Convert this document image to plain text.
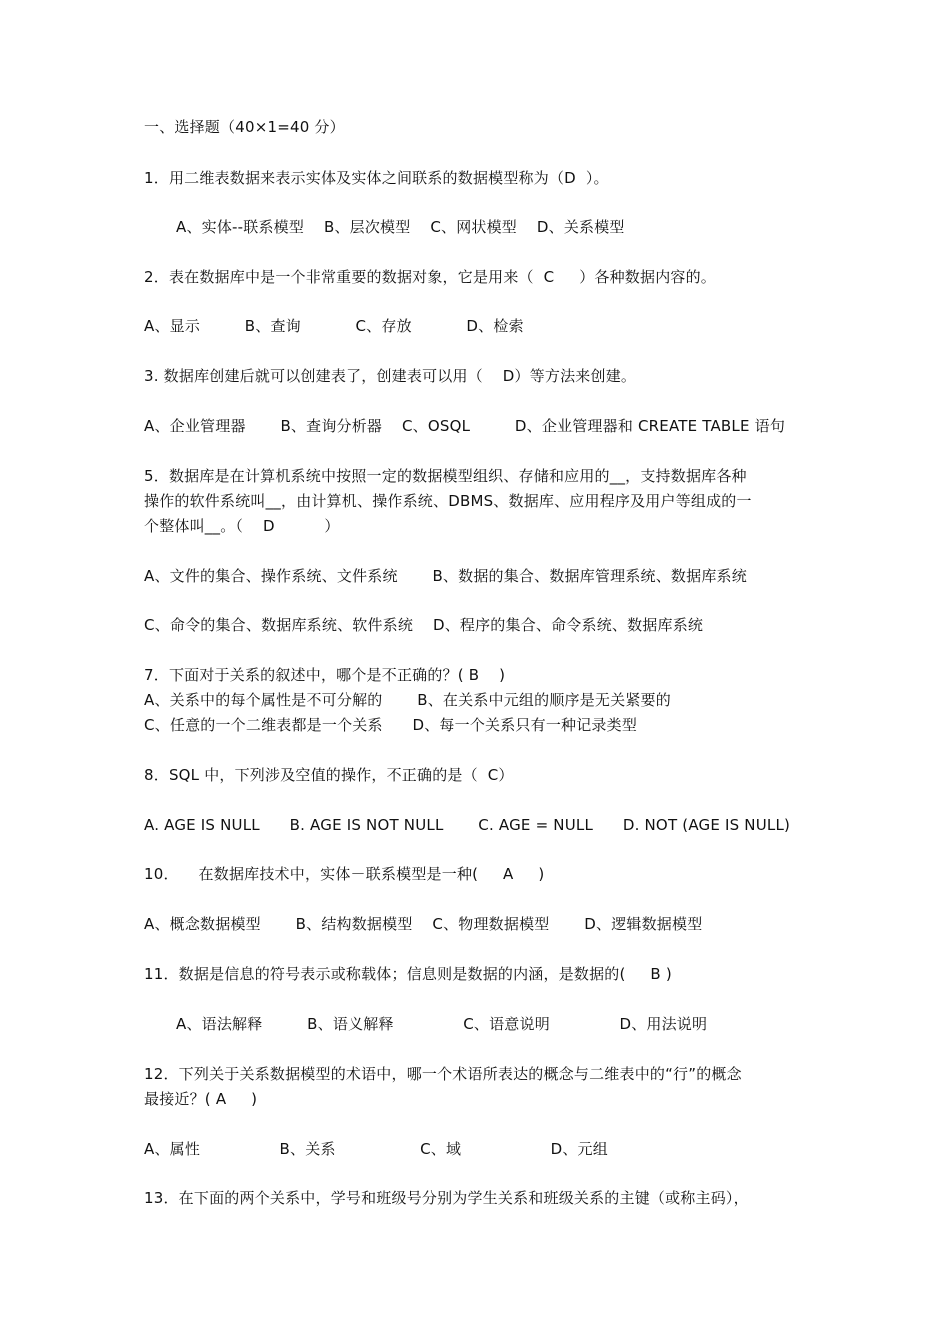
一、选择题（40×1=40 分）
1．用二维表数据来表示实体及实体之间联系的数据模型称为（D  ）。
A、实体--联系模型    B、层次模型    C、网状模型    D、关系模型
2．表在数据库中是一个非常重要的数据对象，它是用来（  C     ）各种数据内容的。
A、显示         B、查询           C、存放           D、检索
3. 数据库创建后就可以创建表了，创建表可以用（    D）等方法来创建。
A、企业管理器       B、查询分析器    C、OSQL         D、企业管理器和 CREATE TABLE 语句
5．数据库是在计算机系统中按照一定的数据模型组织、存储和应用的__，支持数据库各种
操作的软件系统叫__，由计算机、操作系统、DBMS、数据库、应用程序及用户等组成的一
个整体叫__。（    D          ）
A、文件的集合、操作系统、文件系统       B、数据的集合、数据库管理系统、数据库系统
C、命令的集合、数据库系统、软件系统    D、程序的集合、命令系统、数据库系统
7．下面对于关系的叙述中，哪个是不正确的？( B    )
A、关系中的每个属性是不可分解的       B、在关系中元组的顺序是无关紧要的
C、任意的一个二维表都是一个关系      D、每一个关系只有一种记录类型
8．SQL 中，下列涉及空值的操作，不正确的是（  C）
A. AGE IS NULL      B. AGE IS NOT NULL       C. AGE = NULL      D. NOT (AGE IS NULL)
10．    在数据库技术中，实体－联系模型是一种(     A     )
A、概念数据模型       B、结构数据模型    C、物理数据模型       D、逻辑数据模型
11．数据是信息的符号表示或称载体；信息则是数据的内涵，是数据的(     B )
A、语法解释         B、语义解释              C、语意说明              D、用法说明
12．下列关于关系数据模型的术语中，哪一个术语所表达的概念与二维表中的“行”的概念
最接近？( A     )
A、属性                B、关系                 C、域                  D、元组
13．在下面的两个关系中，学号和班级号分别为学生关系和班级关系的主键（或称主码），
